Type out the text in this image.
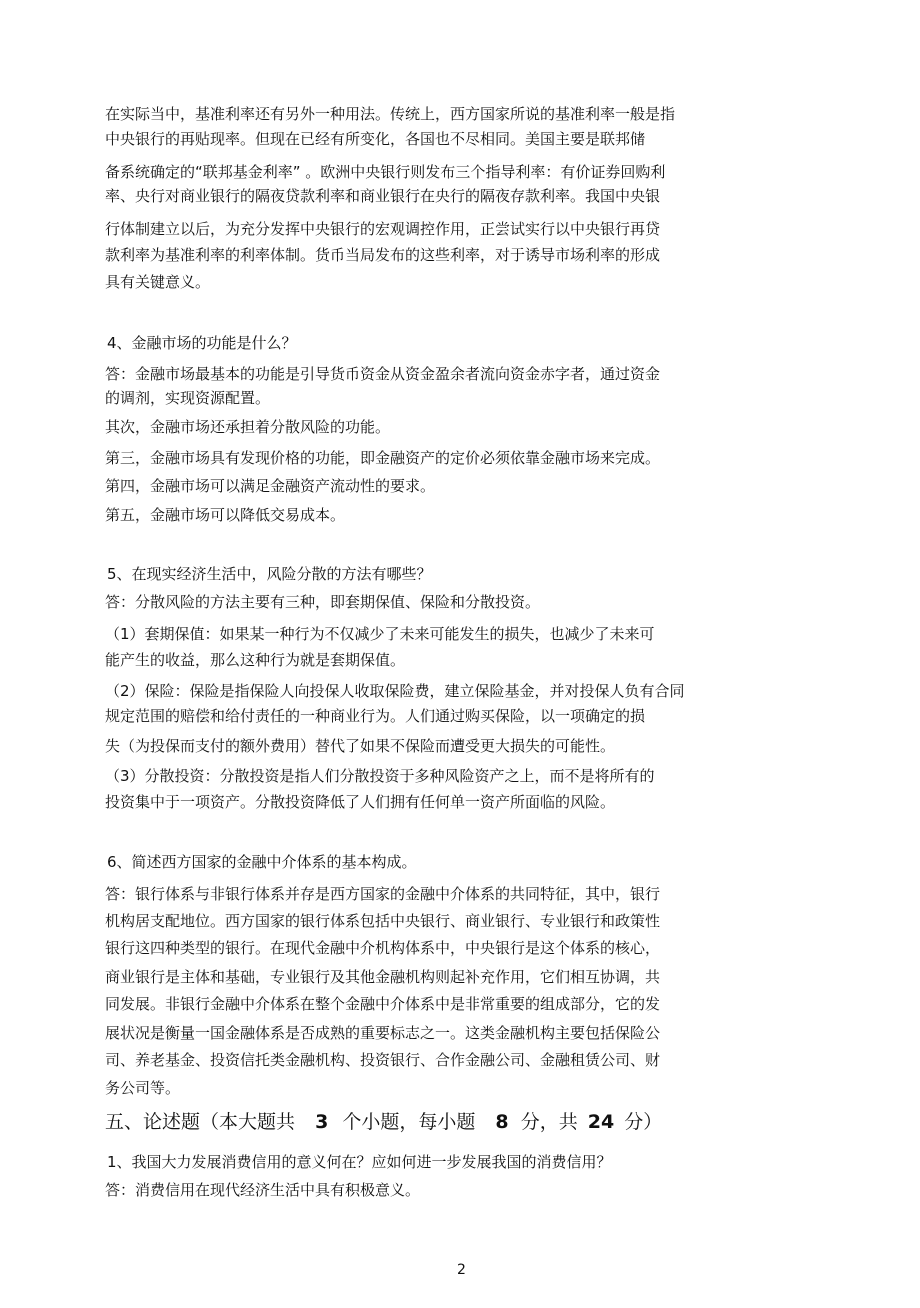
在实际当中，基准利率还有另外一种用法。传统上，西方国家所说的基准利率一般是指
中央银行的再贴现率。但现在已经有所变化，各国也不尽相同。美国主要是联邦储
备系统确定的“联邦基金利率” 。欧洲中央银行则发布三个指导利率：有价证券回购利
率、央行对商业银行的隔夜贷款利率和商业银行在央行的隔夜存款利率。我国中央银
行体制建立以后，为充分发挥中央银行的宏观调控作用，正尝试实行以中央银行再贷
款利率为基准利率的利率体制。货币当局发布的这些利率，对于诱导市场利率的形成
具有关键意义。
4、金融市场的功能是什么？
答：金融市场最基本的功能是引导货币资金从资金盈余者流向资金赤字者，通过资金
的调剂，实现资源配置。
其次，金融市场还承担着分散风险的功能。
第三，金融市场具有发现价格的功能，即金融资产的定价必须依靠金融市场来完成。
第四，金融市场可以满足金融资产流动性的要求。
第五，金融市场可以降低交易成本。
5、在现实经济生活中，风险分散的方法有哪些？
答：分散风险的方法主要有三种，即套期保值、保险和分散投资。
（1）套期保值：如果某一种行为不仅减少了未来可能发生的损失，也减少了未来可
能产生的收益，那么这种行为就是套期保值。
（2）保险：保险是指保险人向投保人收取保险费，建立保险基金，并对投保人负有合同
规定范围的赔偿和给付责任的一种商业行为。人们通过购买保险，以一项确定的损
失（为投保而支付的额外费用）替代了如果不保险而遭受更大损失的可能性。
（3）分散投资：分散投资是指人们分散投资于多种风险资产之上，而不是将所有的
投资集中于一项资产。分散投资降低了人们拥有任何单一资产所面临的风险。
6、简述西方国家的金融中介体系的基本构成。
答：银行体系与非银行体系并存是西方国家的金融中介体系的共同特征，其中，银行
机构居支配地位。西方国家的银行体系包括中央银行、商业银行、专业银行和政策性
银行这四种类型的银行。在现代金融中介机构体系中，中央银行是这个体系的核心，
商业银行是主体和基础，专业银行及其他金融机构则起补充作用，它们相互协调，共
同发展。非银行金融中介体系在整个金融中介体系中是非常重要的组成部分，它的发
展状况是衡量一国金融体系是否成熟的重要标志之一。这类金融机构主要包括保险公
司、养老基金、投资信托类金融机构、投资银行、合作金融公司、金融租赁公司、财
务公司等。
五、论述题（本大题共 3 个小题，每小题 8 分，共 24 分）
1、我国大力发展消费信用的意义何在？应如何进一步发展我国的消费信用？
答：消费信用在现代经济生活中具有积极意义。
2
